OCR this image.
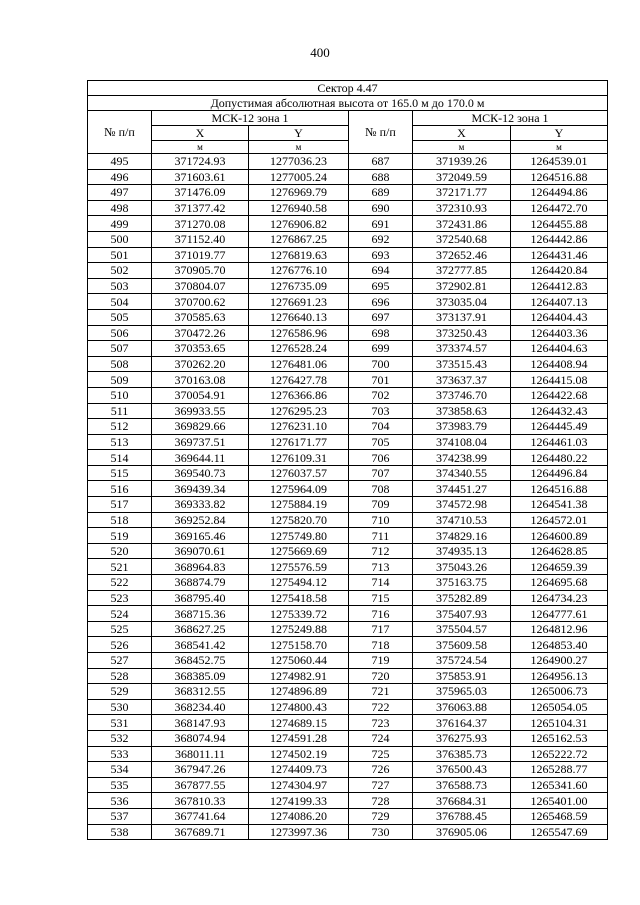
400
Сектор 4.47					
Допустимая абсолютная высота от 165.0 м до 170.0 м					
№ п/п	МСК-12 зона 1		№ п/п	МСК-12 зона 1	
	X	Y		X	Y
	м	м		м	м
495	371724.93	1277036.23	687	371939.26	1264539.01
496	371603.61	1277005.24	688	372049.59	1264516.88
497	371476.09	1276969.79	689	372171.77	1264494.86
498	371377.42	1276940.58	690	372310.93	1264472.70
499	371270.08	1276906.82	691	372431.86	1264455.88
500	371152.40	1276867.25	692	372540.68	1264442.86
501	371019.77	1276819.63	693	372652.46	1264431.46
502	370905.70	1276776.10	694	372777.85	1264420.84
503	370804.07	1276735.09	695	372902.81	1264412.83
504	370700.62	1276691.23	696	373035.04	1264407.13
505	370585.63	1276640.13	697	373137.91	1264404.43
506	370472.26	1276586.96	698	373250.43	1264403.36
507	370353.65	1276528.24	699	373374.57	1264404.63
508	370262.20	1276481.06	700	373515.43	1264408.94
509	370163.08	1276427.78	701	373637.37	1264415.08
510	370054.91	1276366.86	702	373746.70	1264422.68
511	369933.55	1276295.23	703	373858.63	1264432.43
512	369829.66	1276231.10	704	373983.79	1264445.49
513	369737.51	1276171.77	705	374108.04	1264461.03
514	369644.11	1276109.31	706	374238.99	1264480.22
515	369540.73	1276037.57	707	374340.55	1264496.84
516	369439.34	1275964.09	708	374451.27	1264516.88
517	369333.82	1275884.19	709	374572.98	1264541.38
518	369252.84	1275820.70	710	374710.53	1264572.01
519	369165.46	1275749.80	711	374829.16	1264600.89
520	369070.61	1275669.69	712	374935.13	1264628.85
521	368964.83	1275576.59	713	375043.26	1264659.39
522	368874.79	1275494.12	714	375163.75	1264695.68
523	368795.40	1275418.58	715	375282.89	1264734.23
524	368715.36	1275339.72	716	375407.93	1264777.61
525	368627.25	1275249.88	717	375504.57	1264812.96
526	368541.42	1275158.70	718	375609.58	1264853.40
527	368452.75	1275060.44	719	375724.54	1264900.27
528	368385.09	1274982.91	720	375853.91	1264956.13
529	368312.55	1274896.89	721	375965.03	1265006.73
530	368234.40	1274800.43	722	376063.88	1265054.05
531	368147.93	1274689.15	723	376164.37	1265104.31
532	368074.94	1274591.28	724	376275.93	1265162.53
533	368011.11	1274502.19	725	376385.73	1265222.72
534	367947.26	1274409.73	726	376500.43	1265288.77
535	367877.55	1274304.97	727	376588.73	1265341.60
536	367810.33	1274199.33	728	376684.31	1265401.00
537	367741.64	1274086.20	729	376788.45	1265468.59
538	367689.71	1273997.36	730	376905.06	1265547.69
